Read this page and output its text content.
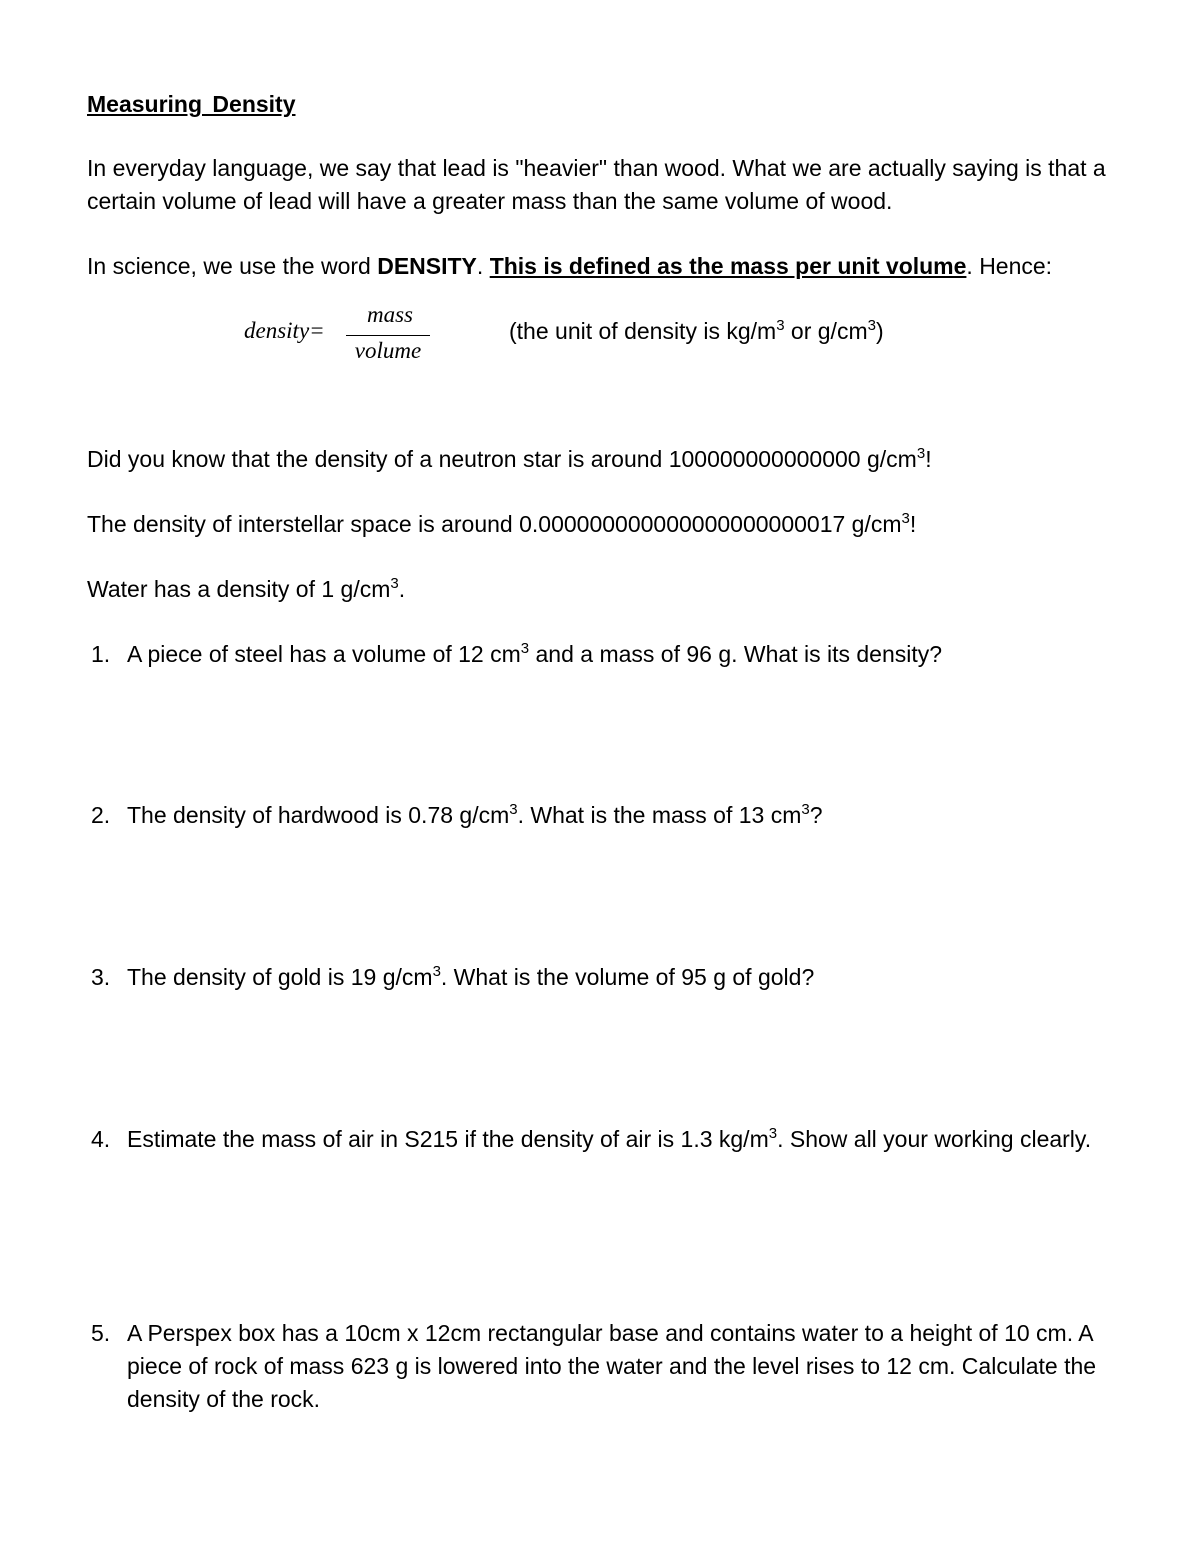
Measuring Density

In everyday language, we say that lead is "heavier" than wood. What we are actually saying is that a certain volume of lead will have a greater mass than the same volume of wood.

In science, we use the word DENSITY. This is defined as the mass per unit volume. Hence:

density=
mass
volume

(the unit of density is $kg/m^3$ or $g/cm^3$)

Did you know that the density of a neutron star is around 100000000000000 $g/cm^3$!

The density of interstellar space is around 0.000000000000000000000017 $g/cm^3$!

Water has a density of 1 $g/cm^3$.

1. A piece of steel has a volume of 12 $cm^3$ and a mass of 96 g. What is its density?
2. The density of hardwood is 0.78 $g/cm^3$. What is the mass of 13 $cm^3$?
3. The density of gold is 19 $g/cm^3$. What is the volume of 95 g of gold?
4. Estimate the mass of air in S215 if the density of air is 1.3 $kg/m^3$. Show all your working clearly.
5. A Perspex box has a 10cm x 12cm rectangular base and contains water to a height of 10 cm. A piece of rock of mass 623 g is lowered into the water and the level rises to 12 cm. Calculate the density of the rock.
